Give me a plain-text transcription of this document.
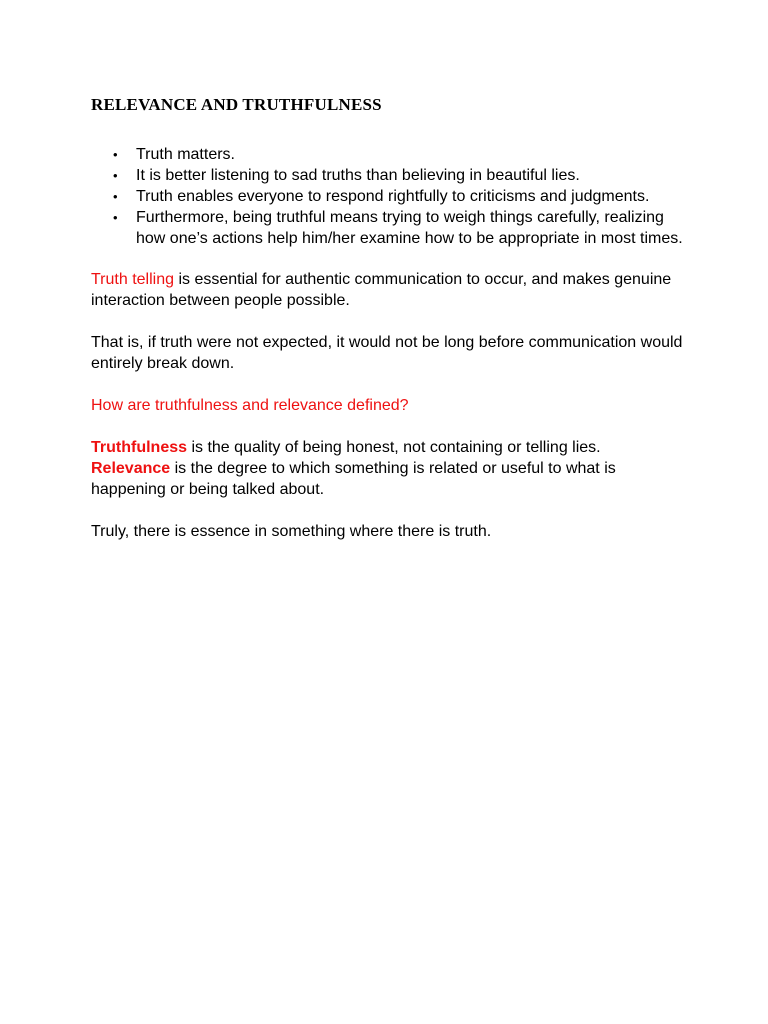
RELEVANCE AND TRUTHFULNESS
• Truth matters.
• It is better listening to sad truths than believing in beautiful lies.
• Truth enables everyone to respond rightfully to criticisms and judgments.
• Furthermore, being truthful means trying to weigh things carefully, realizing how one’s actions help him/her examine how to be appropriate in most times.

Truth telling is essential for authentic communication to occur, and makes genuine interaction between people possible.

That is, if truth were not expected, it would not be long before communication would entirely break down.

How are truthfulness and relevance defined?

Truthfulness is the quality of being honest, not containing or telling lies.
Relevance is the degree to which something is related or useful to what is happening or being talked about.

Truly, there is essence in something where there is truth.
